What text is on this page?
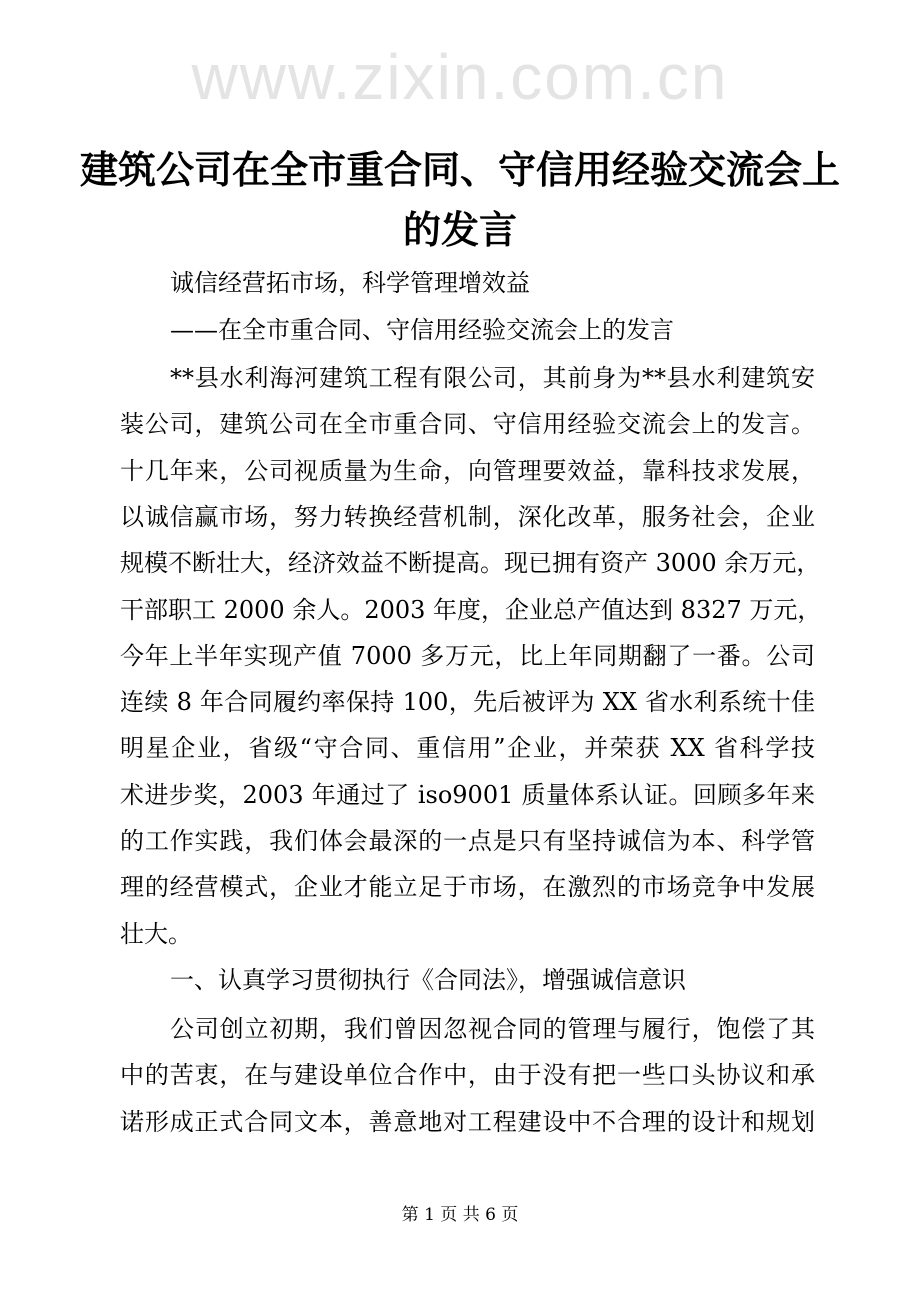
www.zixin.com.cn
建筑公司在全市重合同、守信用经验交流会上
的发言
诚信经营拓市场，科学管理增效益
——在全市重合同、守信用经验交流会上的发言
**县水利海河建筑工程有限公司，其前身为**县水利建筑安
装公司，建筑公司在全市重合同、守信用经验交流会上的发言。
十几年来，公司视质量为生命，向管理要效益，靠科技求发展，
以诚信赢市场，努力转换经营机制，深化改革，服务社会，企业
规模不断壮大，经济效益不断提高。现已拥有资产 3000 余万元，
干部职工 2000 余人。2003 年度，企业总产值达到 8327 万元，
今年上半年实现产值 7000 多万元，比上年同期翻了一番。公司
连续 8 年合同履约率保持 100，先后被评为 XX 省水利系统十佳
明星企业，省级“守合同、重信用”企业，并荣获 XX 省科学技
术进步奖，2003 年通过了 iso9001 质量体系认证。回顾多年来
的工作实践，我们体会最深的一点是只有坚持诚信为本、科学管
理的经营模式，企业才能立足于市场，在激烈的市场竞争中发展
壮大。
一、认真学习贯彻执行《合同法》，增强诚信意识
公司创立初期，我们曾因忽视合同的管理与履行，饱偿了其
中的苦衷，在与建设单位合作中，由于没有把一些口头协议和承
诺形成正式合同文本，善意地对工程建设中不合理的设计和规划
第 1 页 共 6 页
